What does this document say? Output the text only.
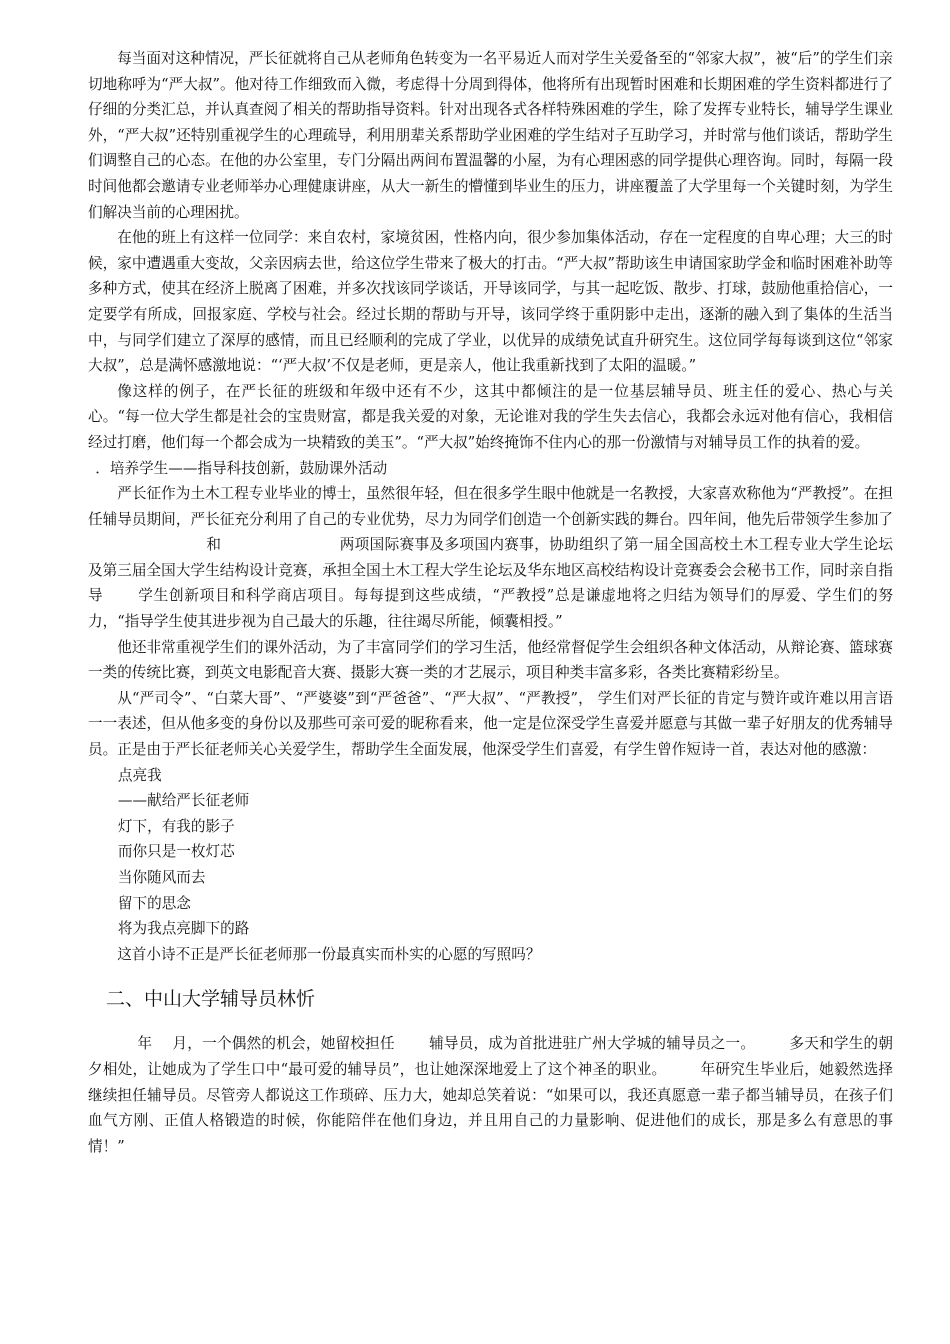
每当面对这种情况，严长征就将自己从老师角色转变为一名平易近人而对学生关爱备至的“邻家大叔”，被“后”的学生们亲切地称呼为“严大叔”。他对待工作细致而入微，考虑得十分周到得体，他将所有出现暂时困难和长期困难的学生资料都进行了仔细的分类汇总，并认真查阅了相关的帮助指导资料。针对出现各式各样特殊困难的学生，除了发挥专业特长，辅导学生课业外，“严大叔”还特别重视学生的心理疏导，利用朋辈关系帮助学业困难的学生结对子互助学习，并时常与他们谈话，帮助学生们调整自己的心态。在他的办公室里，专门分隔出两间布置温馨的小屋，为有心理困惑的同学提供心理咨询。同时，每隔一段时间他都会邀请专业老师举办心理健康讲座，从大一新生的懵懂到毕业生的压力，讲座覆盖了大学里每一个关键时刻，为学生们解决当前的心理困扰。

在他的班上有这样一位同学：来自农村，家境贫困，性格内向，很少参加集体活动，存在一定程度的自卑心理；大三的时候，家中遭遇重大变故，父亲因病去世，给这位学生带来了极大的打击。“严大叔”帮助该生申请国家助学金和临时困难补助等多种方式，使其在经济上脱离了困难，并多次找该同学谈话，开导该同学，与其一起吃饭、散步、打球，鼓励他重拾信心，一定要学有所成，回报家庭、学校与社会。经过长期的帮助与开导，该同学终于重阴影中走出，逐渐的融入到了集体的生活当中，与同学们建立了深厚的感情，而且已经顺利的完成了学业，以优异的成绩免试直升研究生。这位同学每每谈到这位“邻家大叔”，总是满怀感激地说：“‘严大叔’不仅是老师，更是亲人，他让我重新找到了太阳的温暖。”

像这样的例子，在严长征的班级和年级中还有不少，这其中都倾注的是一位基层辅导员、班主任的爱心、热心与关心。“每一位大学生都是社会的宝贵财富，都是我关爱的对象，无论谁对我的学生失去信心，我都会永远对他有信心，我相信经过打磨，他们每一个都会成为一块精致的美玉”。“严大叔”始终掩饰不住内心的那一份激情与对辅导员工作的执着的爱。

．培养学生——指导科技创新，鼓励课外活动

严长征作为土木工程专业毕业的博士，虽然很年轻，但在很多学生眼中他就是一名教授，大家喜欢称他为“严教授”。在担任辅导员期间，严长征充分利用了自己的专业优势，尽力为同学们创造一个创新实践的舞台。四年间，他先后带领学生参加了和	两项国际赛事及多项国内赛事，协助组织了第一届全国高校土木工程专业大学生论坛及第三届全国大学生结构设计竞赛，承担全国土木工程大学生论坛及华东地区高校结构设计竞赛委会会秘书工作，同时亲自指导 学生创新项目和科学商店项目。每每提到这些成绩，“严教授”总是谦虚地将之归结为领导们的厚爱、学生们的努力，“指导学生使其进步视为自己最大的乐趣，往往竭尽所能，倾囊相授。”

他还非常重视学生们的课外活动，为了丰富同学们的学习生活，他经常督促学生会组织各种文体活动，从辩论赛、篮球赛一类的传统比赛，到英文电影配音大赛、摄影大赛一类的才艺展示，项目种类丰富多彩，各类比赛精彩纷呈。

从“严司令”、“白菜大哥”、“严婆婆”到“严爸爸”、“严大叔”、“严教授”， 学生们对严长征的肯定与赞许或许难以用言语一一表述，但从他多变的身份以及那些可亲可爱的昵称看来，他一定是位深受学生喜爱并愿意与其做一辈子好朋友的优秀辅导员。正是由于严长征老师关心关爱学生，帮助学生全面发展，他深受学生们喜爱，有学生曾作短诗一首，表达对他的感激：

点亮我
——献给严长征老师
灯下，有我的影子
而你只是一枚灯芯
当你随风而去
留下的思念
将为我点亮脚下的路

这首小诗不正是严长征老师那一份最真实而朴实的心愿的写照吗？

二、中山大学辅导员林忻

年 月，一个偶然的机会，她留校担任 辅导员，成为首批进驻广州大学城的辅导员之一。 多天和学生的朝夕相处，让她成为了学生口中“最可爱的辅导员”，也让她深深地爱上了这个神圣的职业。 年研究生毕业后，她毅然选择继续担任辅导员。尽管旁人都说这工作琐碎、压力大，她却总笑着说：“如果可以，我还真愿意一辈子都当辅导员，在孩子们血气方刚、正值人格锻造的时候，你能陪伴在他们身边，并且用自己的力量影响、促进他们的成长，那是多么有意思的事情！”
